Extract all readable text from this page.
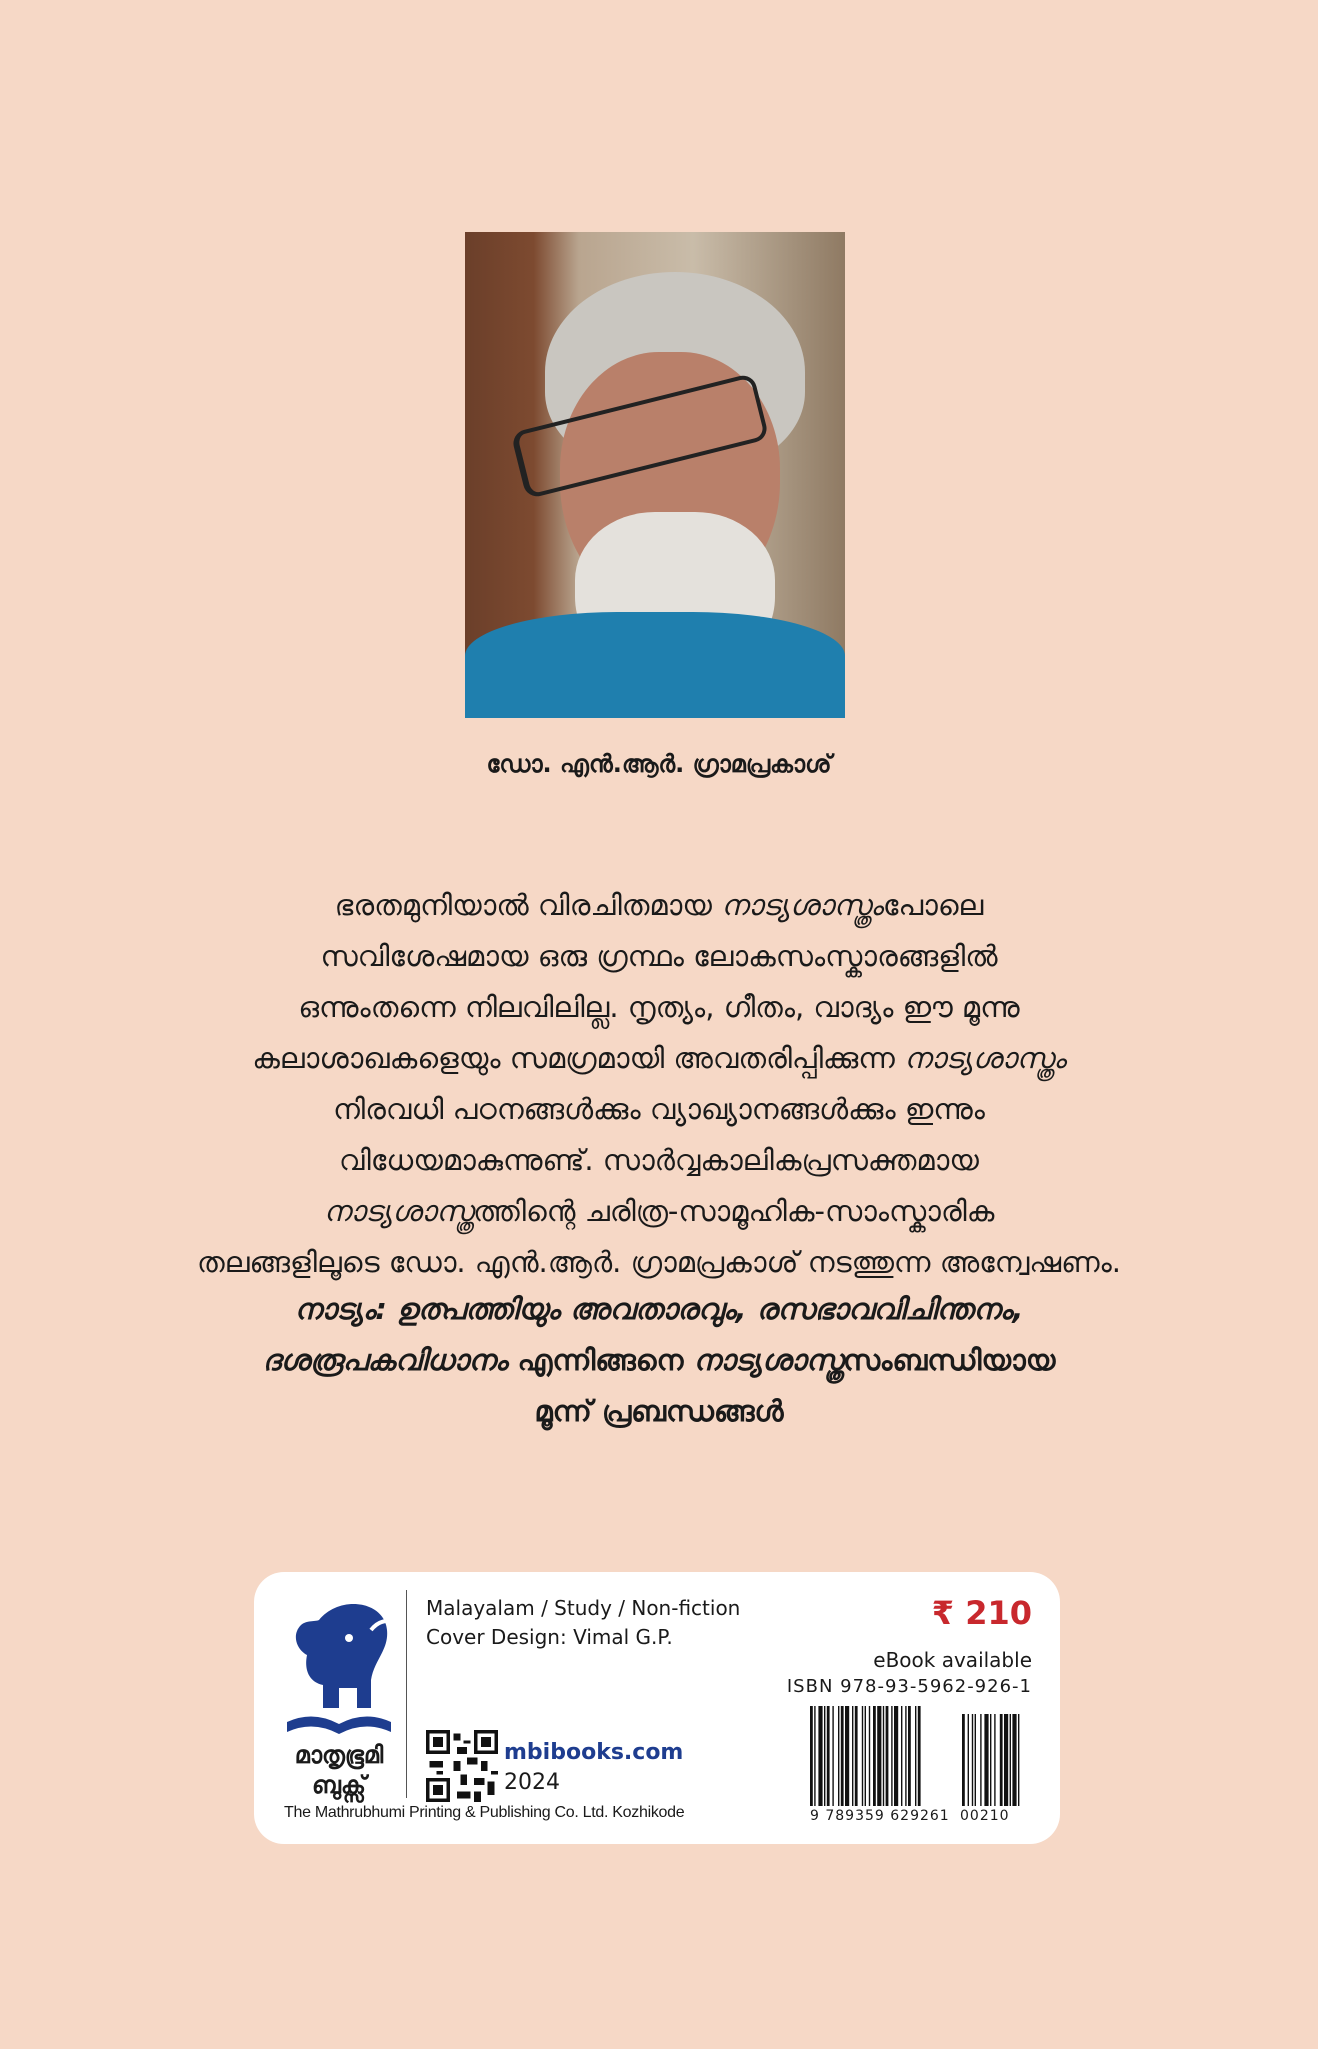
ഡോ. എൻ.ആർ. ഗ്രാമപ്രകാശ്
ഭരതമുനിയാൽ വിരചിതമായ നാട്യശാസ്ത്രംപോലെ
സവിശേഷമായ ഒരു ഗ്രന്ഥം ലോകസംസ്കാരങ്ങളിൽ
ഒന്നുംതന്നെ നിലവിലില്ല. നൃത്യം, ഗീതം, വാദ്യം ഈ മൂന്നു
കലാശാഖകളെയും സമഗ്രമായി അവതരിപ്പിക്കുന്ന നാട്യശാസ്ത്രം
നിരവധി പഠനങ്ങൾക്കും വ്യാഖ്യാനങ്ങൾക്കും ഇന്നും
വിധേയമാകുന്നുണ്ട്. സാർവ്വകാലികപ്രസക്തമായ
നാട്യശാസ്ത്രത്തിന്റെ ചരിത്ര-സാമൂഹിക-സാംസ്കാരിക
തലങ്ങളിലൂടെ ഡോ. എൻ.ആർ. ഗ്രാമപ്രകാശ് നടത്തുന്ന അന്വേഷണം.
നാട്യം: ഉത്പത്തിയും അവതാരവും, രസഭാവവിചിന്തനം,
ദശരൂപകവിധാനം എന്നിങ്ങനെ നാട്യശാസ്ത്രസംബന്ധിയായ
മൂന്ന് പ്രബന്ധങ്ങൾ
മാതൃഭൂമി
ബുക്സ്
The Mathrubhumi Printing & Publishing Co. Ltd. Kozhikode
Malayalam / Study / Non-fiction
Cover Design: Vimal G.P.
mbibooks.com
2024
₹ 210
eBook available
ISBN 978-93-5962-926-1
9 789359 629261 00210
